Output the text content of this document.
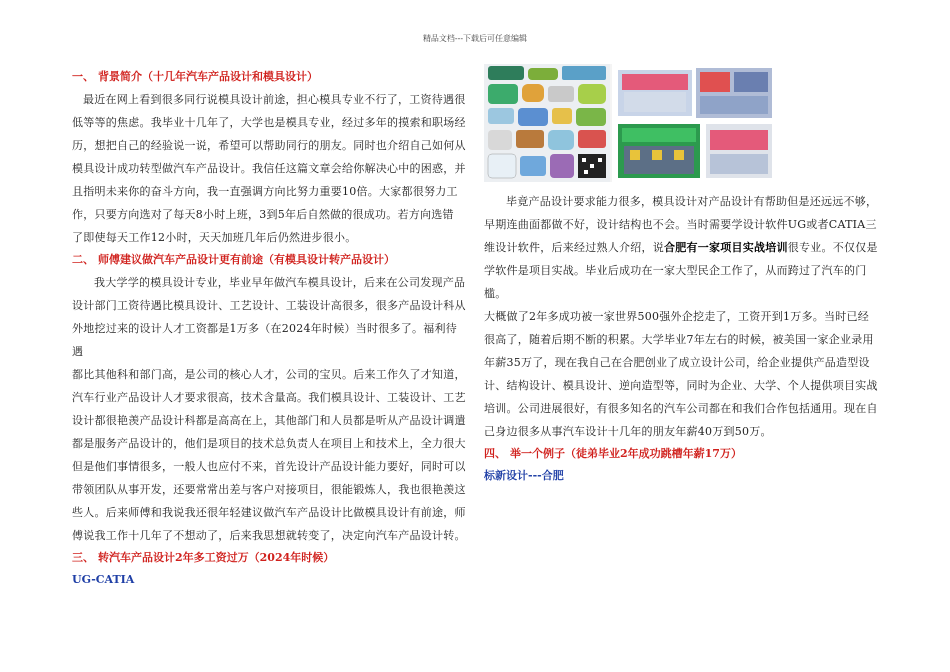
精品文档---下载后可任意编辑

一、 背景简介（十几年汽车产品设计和模具设计）

最近在网上看到很多同行说模具设计前途，担心模具专业不行了，工资待遇很

低等等的焦虑。我毕业十几年了，大学也是模具专业，经过多年的摸索和职场经

历，想把自己的经验说一说，希望可以帮助同行的朋友。同时也介绍自己如何从

模具设计成功转型做汽车产品设计。我信任这篇文章会给你解决心中的困惑，并

且指明未来你的奋斗方向，我一直强调方向比努力重要10倍。大家都很努力工

作，只要方向选对了每天8小时上班，3到5年后自然做的很成功。若方向选错

了即使每天工作12小时，天天加班几年后仍然进步很小。

二、 师傅建议做汽车产品设计更有前途（有模具设计转产品设计）

我大学学的模具设计专业，毕业早年做汽车模具设计，后来在公司发现产品

设计部门工资待遇比模具设计、工艺设计、工装设计高很多，很多产品设计科从

外地挖过来的设计人才工资都是1万多（在2024年时候）当时很多了。福利待遇

都比其他科和部门高，是公司的核心人才，公司的宝贝。后来工作久了才知道，

汽车行业产品设计人才要求很高，技术含量高。我们模具设计、工装设计、工艺

设计都很艳羡产品设计科都是高高在上，其他部门和人员都是听从产品设计调遣

都是服务产品设计的，他们是项目的技术总负责人在项目上和技术上，全力很大

但是他们事情很多，一般人也应付不来，首先设计产品设计能力要好，同时可以

带领团队从事开发，还要常常出差与客户对接项目，很能锻炼人，我也很艳羡这

些人。后来师傅和我说我还很年轻建议做汽车产品设计比做模具设计有前途，师

傅说我工作十几年了不想动了，后来我思想就转变了，决定向汽车产品设计转。

三、 转汽车产品设计2年多工资过万（2024年时候）

UG-CATIA

毕竟产品设计要求能力很多，模具设计对产品设计有帮助但是还远远不够，

早期连曲面都做不好，设计结构也不会。当时需要学设计软件UG或者CATIA三

维设计软件，后来经过熟人介绍，说合肥有一家项目实战培训很专业。不仅仅是

学软件是项目实战。毕业后成功在一家大型民企工作了，从而跨过了汽车的门槛。

大概做了2年多成功被一家世界500强外企挖走了，工资开到1万多。当时已经

很高了，随着后期不断的积累。大学毕业7年左右的时候，被美国一家企业录用

年薪35万了，现在我自己在合肥创业了成立设计公司，给企业提供产品造型设

计、结构设计、模具设计、逆向造型等，同时为企业、大学、个人提供项目实战

培训。公司进展很好，有很多知名的汽车公司都在和我们合作包括通用。现在自

己身边很多从事汽车设计十几年的朋友年薪40万到50万。

四、 举一个例子（徒弟毕业2年成功跳槽年薪17万）

标新设计---合肥
